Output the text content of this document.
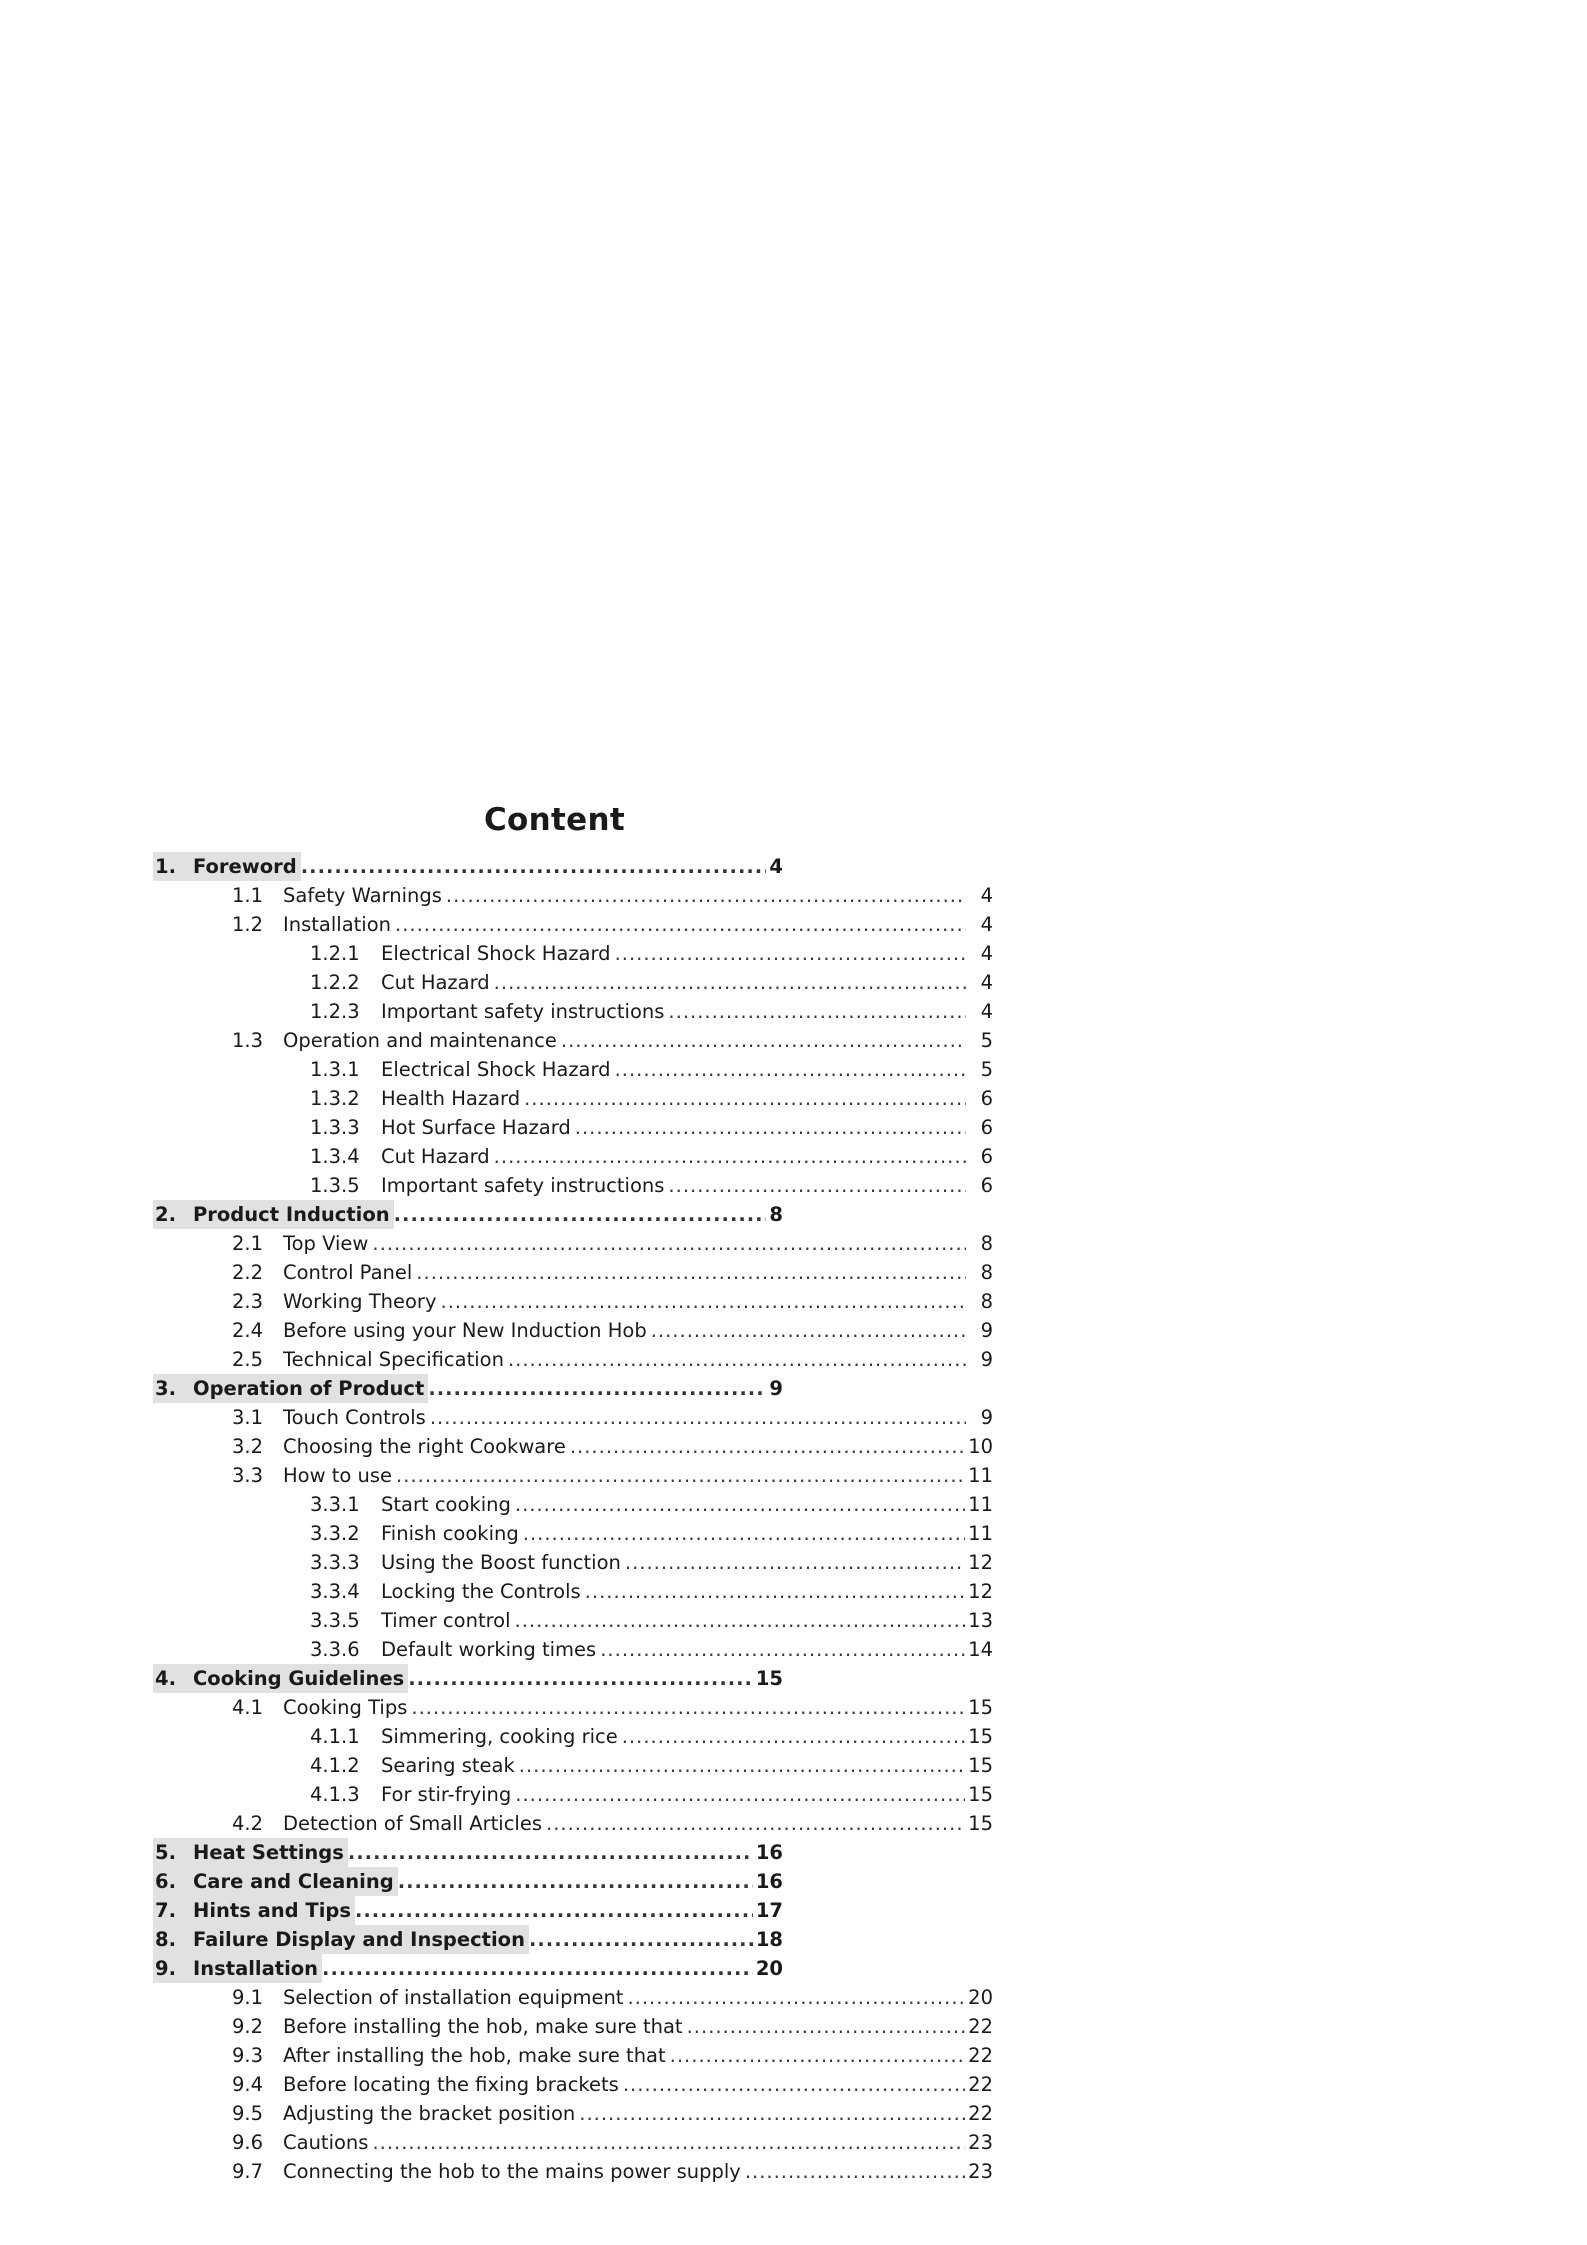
Content
1. Foreword .....	4
1.1 Safety Warnings .....	4
1.2 Installation .....	4
1.2.1 Electrical Shock Hazard .....	4
1.2.2 Cut Hazard .....	4
1.2.3 Important safety instructions .....	4
1.3 Operation and maintenance .....	5
1.3.1 Electrical Shock Hazard .....	5
1.3.2 Health Hazard .....	6
1.3.3 Hot Surface Hazard .....	6
1.3.4 Cut Hazard .....	6
1.3.5 Important safety instructions .....	6
2. Product Induction .....	8
2.1 Top View .....	8
2.2 Control Panel .....	8
2.3 Working Theory .....	8
2.4 Before using your New Induction Hob .....	9
2.5 Technical Specification .....	9
3. Operation of Product .....	9
3.1 Touch Controls .....	9
3.2 Choosing the right Cookware .....	10
3.3 How to use .....	11
3.3.1 Start cooking .....	11
3.3.2 Finish cooking .....	11
3.3.3 Using the Boost function .....	12
3.3.4 Locking the Controls .....	12
3.3.5 Timer control .....	13
3.3.6 Default working times .....	14
4. Cooking Guidelines .....	15
4.1 Cooking Tips .....	15
4.1.1 Simmering, cooking rice .....	15
4.1.2 Searing steak .....	15
4.1.3 For stir-frying .....	15
4.2 Detection of Small Articles .....	15
5. Heat Settings .....	16
6. Care and Cleaning .....	16
7. Hints and Tips .....	17
8. Failure Display and Inspection .....	18
9. Installation .....	20
9.1 Selection of installation equipment .....	20
9.2 Before installing the hob, make sure that .....	22
9.3 After installing the hob, make sure that .....	22
9.4 Before locating the fixing brackets .....	22
9.5 Adjusting the bracket position .....	22
9.6 Cautions .....	23
9.7 Connecting the hob to the mains power supply .....	23
